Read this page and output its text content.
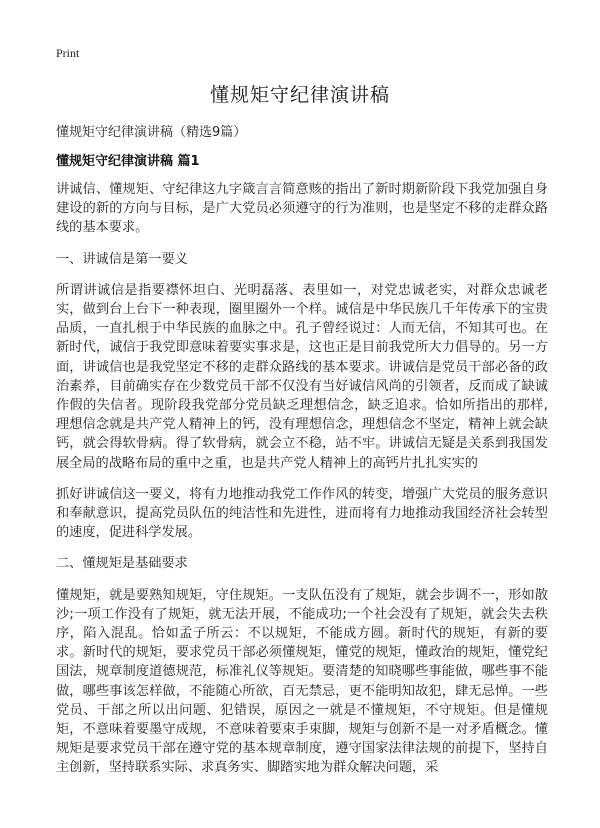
Print
懂规矩守纪律演讲稿
懂规矩守纪律演讲稿（精选9篇）
懂规矩守纪律演讲稿 篇1

讲诚信、懂规矩、守纪律这九字箴言言简意赅的指出了新时期新阶段下我党加强自身建设的新的方向与目标，是广大党员必须遵守的行为准则，也是坚定不移的走群众路线的基本要求。

一、讲诚信是第一要义

所谓讲诚信是指要襟怀坦白、光明磊落、表里如一，对党忠诚老实，对群众忠诚老实，做到台上台下一种表现，圈里圈外一个样。诚信是中华民族几千年传承下的宝贵品质，一直扎根于中华民族的血脉之中。孔子曾经说过：人而无信，不知其可也。在新时代，诚信于我党即意味着要实事求是，这也正是目前我党所大力倡导的。另一方面，讲诚信也是我党坚定不移的走群众路线的基本要求。讲诚信是党员干部必备的政治素养，目前确实存在少数党员干部不仅没有当好诚信风尚的引领者，反而成了缺诚作假的失信者。现阶段我党部分党员缺乏理想信念，缺乏追求。恰如所指出的那样,理想信念就是共产党人精神上的钙，没有理想信念，理想信念不坚定，精神上就会缺钙，就会得软骨病。得了软骨病，就会立不稳，站不牢。讲诚信无疑是关系到我国发展全局的战略布局的重中之重，也是共产党人精神上的高钙片扎扎实实的

抓好讲诚信这一要义，将有力地推动我党工作作风的转变，增强广大党员的服务意识和奉献意识，提高党员队伍的纯洁性和先进性，进而将有力地推动我国经济社会转型的速度，促进科学发展。

二、懂规矩是基础要求

懂规矩，就是要熟知规矩，守住规矩。一支队伍没有了规矩，就会步调不一，形如散沙;一项工作没有了规矩，就无法开展，不能成功;一个社会没有了规矩，就会失去秩序，陷入混乱。恰如孟子所云：不以规矩，不能成方圆。新时代的规矩，有新的要求。新时代的规矩，要求党员干部必须懂规矩，懂党的规矩，懂政治的规矩，懂党纪国法，规章制度道德规范，标准礼仪等规矩。要清楚的知晓哪些事能做，哪些事不能做，哪些事该怎样做，不能随心所欲，百无禁忌，更不能明知故犯，肆无忌惮。一些党员、干部之所以出问题、犯错误，原因之一就是不懂规矩，不守规矩。但是懂规矩，不意味着要墨守成规，不意味着要束手束脚，规矩与创新不是一对矛盾概念。懂规矩是要求党员干部在遵守党的基本规章制度，遵守国家法律法规的前提下，坚持自主创新，坚持联系实际、求真务实、脚踏实地为群众解决问题，采
